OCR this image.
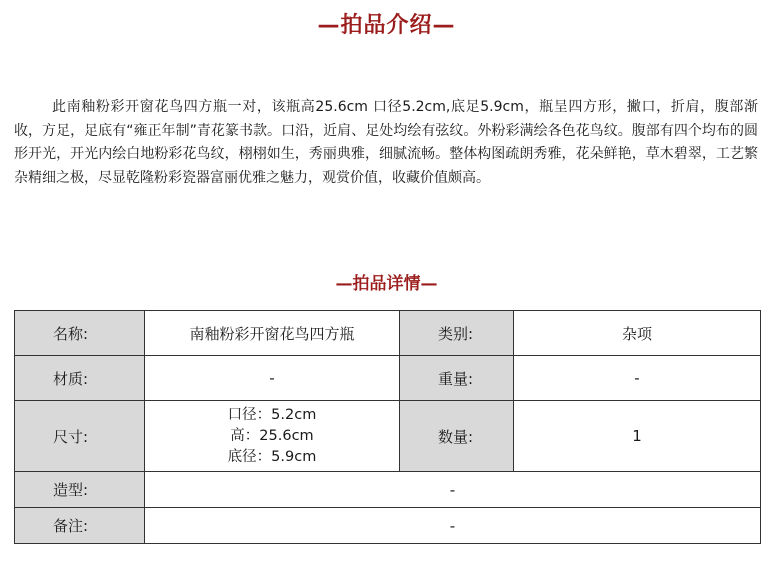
—拍品介绍—

此南釉粉彩开窗花鸟四方瓶一对，该瓶高25.6cm 口径5.2cm,底足5.9cm，瓶呈四方形，撇口，折肩，腹部渐收，方足，足底有“雍正年制”青花篆书款。口沿，近肩、足处均绘有弦纹。外粉彩满绘各色花鸟纹。腹部有四个均布的圆形开光，开光内绘白地粉彩花鸟纹，栩栩如生，秀丽典雅，细腻流畅。整体构图疏朗秀雅，花朵鲜艳，草木碧翠，工艺繁杂精细之极，尽显乾隆粉彩瓷器富丽优雅之魅力，观赏价值，收藏价值颇高。

—拍品详情—
名称:	南釉粉彩开窗花鸟四方瓶	类别:	杂项
材质:	-	重量:	-
尺寸:	口径：5.2cm
高：25.6cm
底径：5.9cm	数量:	1
造型:	-		
备注:	-		
